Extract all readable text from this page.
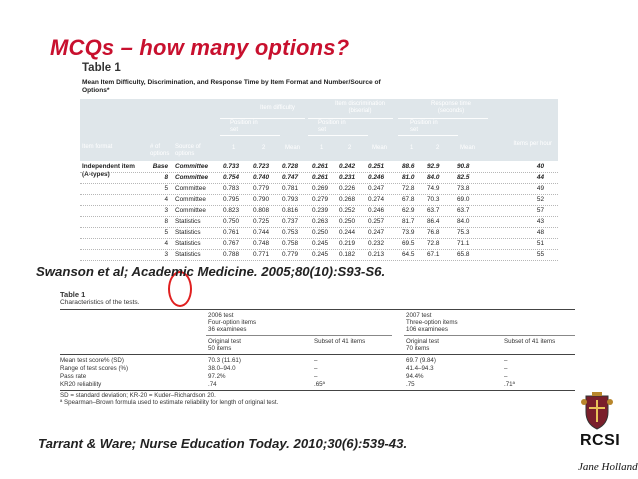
MCQs – how many options?
Table 1
Mean Item Difficulty, Discrimination, and Response Time by Item Format and Number/Source of Options*
Item difficulty
Item discrimination (biserial)
Response time (seconds)
Position in set
Position in set
Position in set
Item format	# of options
Source of options
1	2	Mean	1	2	Mean	1	2	Mean
Items per hour
Independent item (A-types)
Base Committee 0.733 0.723 0.728 0.261 0.242 0.251	88.6 92.9	90.8	40
8 Committee 0.754 0.740 0.747 0.261 0.231 0.246	81.0 84.0	82.5	44
5 Committee	0.783 0.779 0.781 0.269 0.226 0.247	72.8 74.9	73.8	49
4 Committee	0.795 0.790 0.793 0.279 0.268 0.274	67.8 70.3	69.0	52
3 Committee	0.823 0.808 0.816 0.239 0.252 0.246	62.9 63.7	63.7	57
8 Statistics	0.750 0.725 0.737 0.263 0.250 0.257	81.7 86.4	84.0	43
5 Statistics	0.761 0.744 0.753 0.250 0.244 0.247	73.9 76.8	75.3	48
4 Statistics	0.767 0.748 0.758 0.245 0.219 0.232	69.5 72.8	71.1	51
3 Statistics	0.788 0.771 0.779 0.245 0.182 0.213	64.5 67.1	65.8	55
Swanson et al; Academic Medicine. 2005;80(10):S93-S6.
Table 1
Characteristics of the tests.
2006 test
Four-option items
36 examinees
2007 test
Three-option items
106 examinees
Original test
50 items
Subset of 41 items	Original test
70 items
Subset of 41 items
Mean test score% (SD)	70.3 (11.61)	–	69.7 (9.84)	–
Range of test scores (%)	38.0–94.0	–	41.4–94.3	–
Pass rate	97.2%	–	94.4%	–
KR20 reliability	.74	.65ª	.75	.71ª
SD = standard deviation; KR-20 = Kuder–Richardson 20.
ª Spearman–Brown formula used to estimate reliability for length of original test.
Tarrant & Ware; Nurse Education Today. 2010;30(6):539-43.	RCSI
Jane Holland
